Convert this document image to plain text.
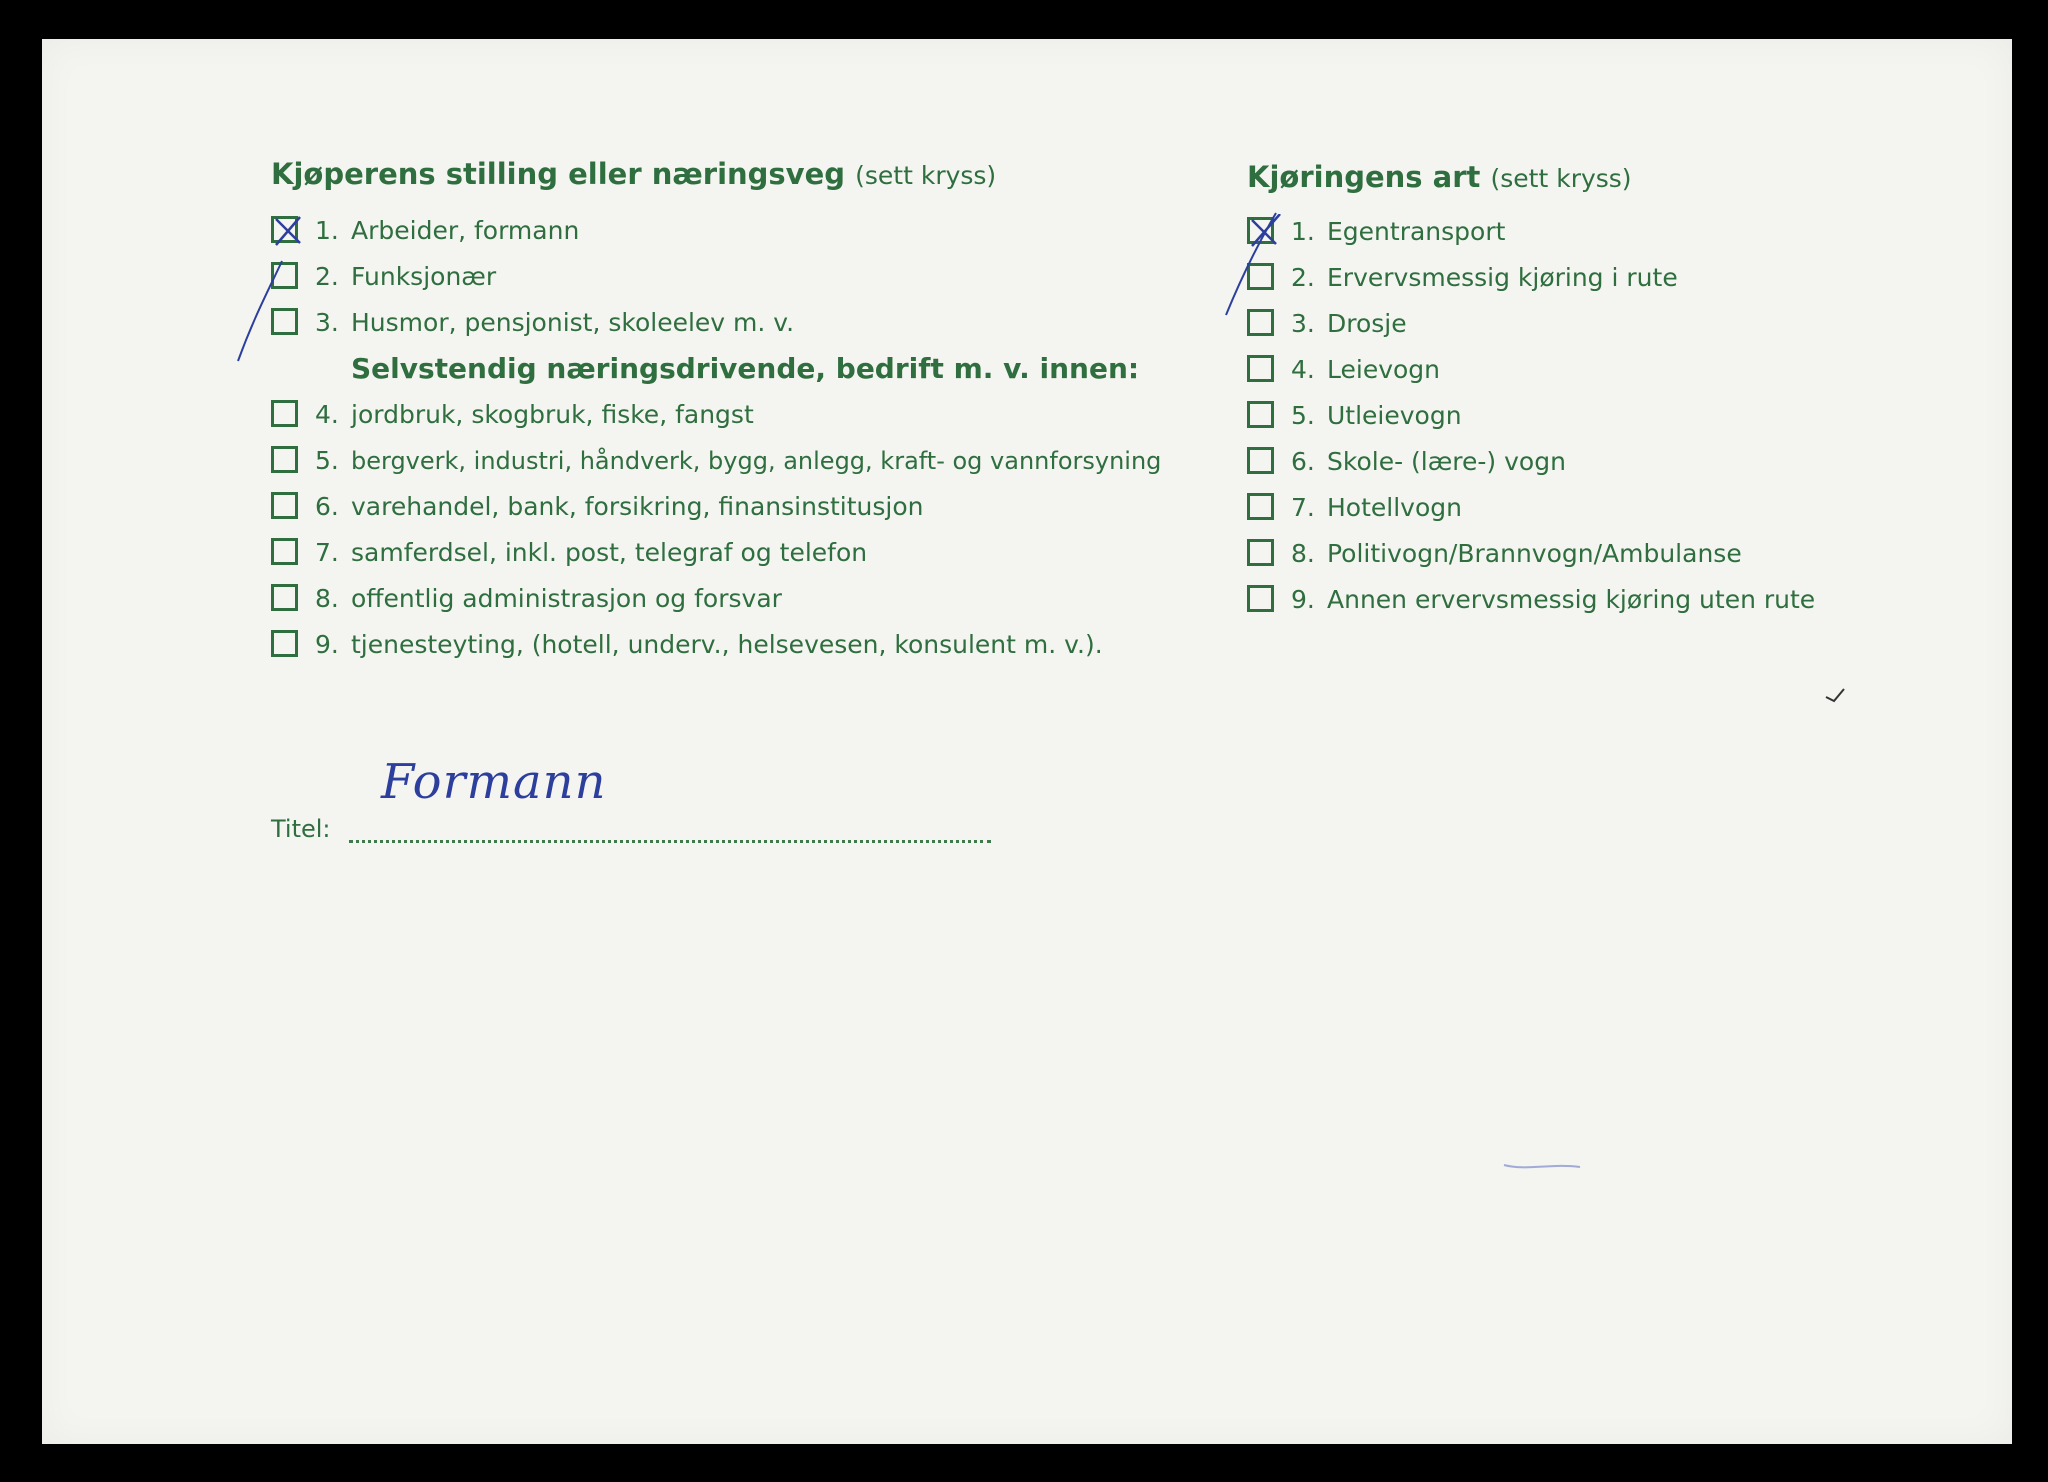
Kjøperens stilling eller næringsveg (sett kryss)
1. Arbeider, formann
2. Funksjonær
3. Husmor, pensjonist, skoleelev m. v.
Selvstendig næringsdrivende, bedrift m. v. innen:
4. jordbruk, skogbruk, fiske, fangst
5. bergverk, industri, håndverk, bygg, anlegg, kraft- og vannforsyning
6. varehandel, bank, forsikring, finansinstitusjon
7. samferdsel, inkl. post, telegraf og telefon
8. offentlig administrasjon og forsvar
9. tjenesteyting, (hotell, underv., helsevesen, konsulent m. v.).
Titel:
Formann
Kjøringens art (sett kryss)
1. Egentransport
2. Ervervsmessig kjøring i rute
3. Drosje
4. Leievogn
5. Utleievogn
6. Skole- (lære-) vogn
7. Hotellvogn
8. Politivogn/Brannvogn/Ambulanse
9. Annen ervervsmessig kjøring uten rute
